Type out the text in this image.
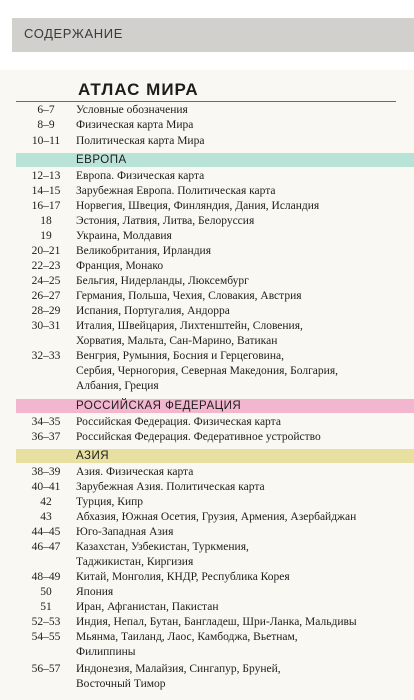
СОДЕРЖАНИЕ
АТЛАС МИРА
6–7	Условные обозначения
8–9	Физическая карта Мира
10–11	Политическая карта Мира
ЕВРОПА
12–13	Европа. Физическая карта
14–15	Зарубежная Европа. Политическая карта
16–17	Норвегия, Швеция, Финляндия, Дания, Исландия
18	Эстония, Латвия, Литва, Белоруссия
19	Украина, Молдавия
20–21	Великобритания, Ирландия
22–23	Франция, Монако
24–25	Бельгия, Нидерланды, Люксембург
26–27	Германия, Польша, Чехия, Словакия, Австрия
28–29	Испания, Португалия, Андорра
30–31	Италия, Швейцария, Лихтенштейн, Словения,
Хорватия, Мальта, Сан-Марино, Ватикан
32–33	Венгрия, Румыния, Босния и Герцеговина,
Сербия, Черногория, Северная Македония, Болгария,
Албания, Греция
РОССИЙСКАЯ ФЕДЕРАЦИЯ
34–35	Российская Федерация. Физическая карта
36–37	Российская Федерация. Федеративное устройство
АЗИЯ
38–39	Азия. Физическая карта
40–41	Зарубежная Азия. Политическая карта
42	Турция, Кипр
43	Абхазия, Южная Осетия, Грузия, Армения, Азербайджан
44–45	Юго-Западная Азия
46–47	Казахстан, Узбекистан, Туркмения,
Таджикистан, Киргизия
48–49	Китай, Монголия, КНДР, Республика Корея
50	Япония
51	Иран, Афганистан, Пакистан
52–53	Индия, Непал, Бутан, Бангладеш, Шри-Ланка, Мальдивы
54–55	Мьянма, Таиланд, Лаос, Камбоджа, Вьетнам,
Филиппины
56–57	Индонезия, Малайзия, Сингапур, Бруней,
Восточный Тимор
